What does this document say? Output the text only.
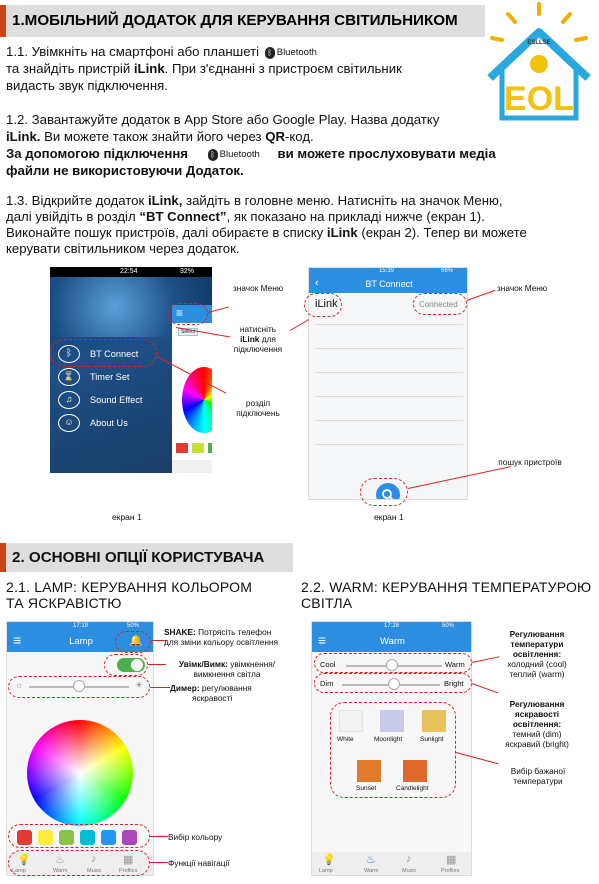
1.МОБІЛЬНИЙ ДОДАТОК ДЛЯ КЕРУВАННЯ СВІТИЛЬНИКОМ
ESLLSE
EOL
1.1. Увімкніть на смартфоні або планшеті	ᛒ Bluetooth
та знайдіть пристрій iLink. При з'єднанні з пристроєм світильник
видасть звук підключення.
1.2. Завантажуйте додаток в App Store або Google Play. Назва додатку
iLink. Ви можете також знайти його через QR-код.
За допомогою підключення	ᛒ Bluetooth ви можете прослуховувати медіа
файли не використовуючи Додаток.
1.3. Відкрийте додаток iLink, зайдіть в головне меню. Натисніть на значок Меню,
далі увійдіть в розділ “BT Connect”, як показано на прикладі нижче (екран 1).
Виконайте пошук пристроїв, далі обираєте в списку iLink (екран 2). Тепер ви можете
керувати світильником через додаток.
22:54	32%
≡
Select
ᛒ	BT Connect
⌛	Timer Set
♫	Sound Effect
☺	About Us
значок Меню
натисніть
iLink для
підключення
розділ
підключень
екран 1
15:39	66%
‹	BT Connect
iLink	Connected
значок Меню
пошук пристроїв
екран 1
2. ОСНОВНІ ОПЦІЇ КОРИСТУВАЧА
2.1. LAMP: КЕРУВАННЯ КОЛЬОРОМ
ТА ЯСКРАВІСТЮ
2.2. WARM: КЕРУВАННЯ ТЕМПЕРАТУРОЮ
СВІТЛА
17:19	50%
≡	Lamp	🔔
☼	☀
💡
Lamp
♨
Warm
♪
Music
▦
Profiles
SHAKE: Потрясіть телефон
для зміни кольору освітлення
Увімк/Вимк: увімкнення/
вимкнення світла
Димер: регулювання
яскравості
Вибір кольору
Функції навігації
17:28	50%
≡	Warm
Cool	Warm
Dim	Bright
White	Moonlight	Sunlight
Sunset	Candlelight
💡
Lamp
♨
Warm
♪
Music
▦
Profiles
Регулювання
температури
освітлення:
холодний (cool)
теплий (warm)
Регулювання
яскравості
освітлення:
темний (dim)
яскравий (bright)
Вибір бажаної
температури
